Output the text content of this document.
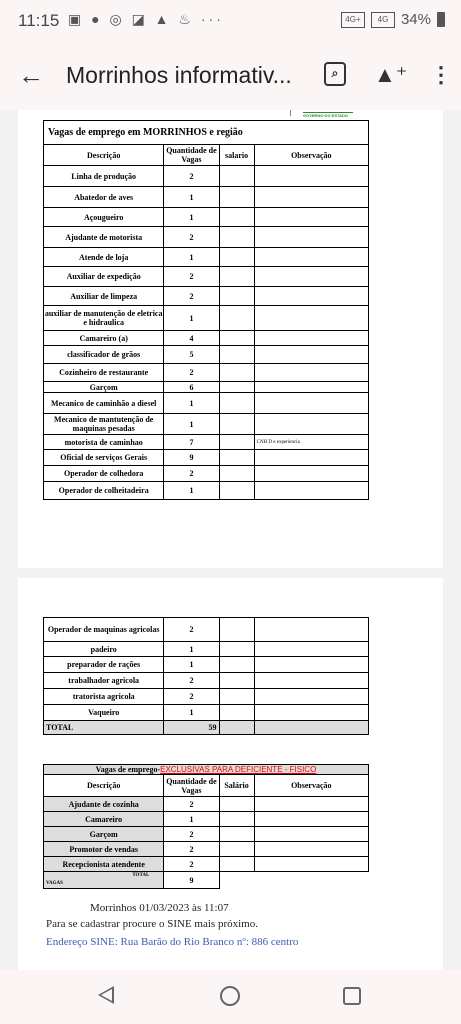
11:15 ▣ ● ◎ ◪ ▲ ♨ ···	4G+	4G 34%
← Morrinhos informativ...	⌕	▲⁺ ⋮
GOVERNO DO ESTADO
Vagas de emprego em MORRINHOS e região			
Descrição	Quantidade de Vagas	salario	Observação
Linha de produção	2		
Abatedor de aves	1		
Açougueiro	1		
Ajudante de motorista	2		
Atende de loja	1		
Auxiliar de expedição	2		
Auxiliar de limpeza	2		
auxiliar de manutenção de eletrica e hidraulica	1		
Camareiro (a)	4		
classificador de grãos	5		
Cozinheiro de restaurante	2		
Garçom	6		
Mecanico de caminhão a diesel	1		
Mecanico de mantutenção de maquinas pesadas	1		
motorista de caminhao	7		CNH D e experiencia
Oficial de serviços Gerais	9		
Operador de colhedora	2		
Operador de colheitadeira	1		
Operador de maquinas agricolas	2		
padeiro	1		
preparador de rações	1		
trabalhador agricola	2		
tratorista agricola	2		
Vaqueiro	1		
TOTAL	59		
Vagas de emprego-EXCLUSIVAS PARA DEFICIENTE - FISICO			
Descrição	Quantidade de Vagas	Salário	Observação
Ajudante de cozinha	2		
Camareiro	1		
Garçom	2		
Promotor de vendas	2		
Recepcionista atendente	2		

TOTAL
VAGAS	9		
Morrinhos 01/03/2023 às 11:07
Para se cadastrar procure o SINE mais próximo.
Endereço SINE: Rua Barão do Rio Branco nº: 886 centro
